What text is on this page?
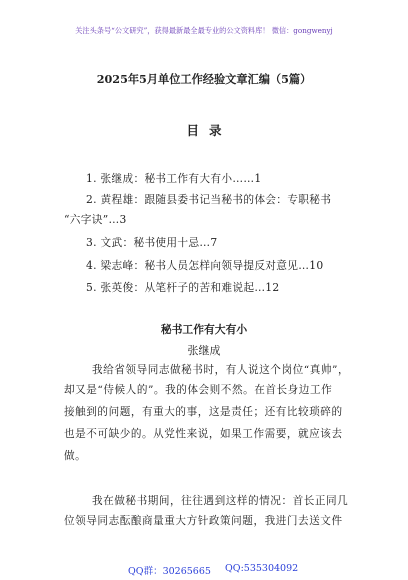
关注头条号“公文研究”，获得最新最全最专业的公文资料库！ 微信：gongwenyj
2025年5月单位工作经验文章汇编（5篇）
目录
1. 张继成：秘书工作有大有小……1
2. 黄程雄：跟随县委书记当秘书的体会：专职秘书
“六字诀”…3
3. 文武：秘书使用十忌…7
4. 梁志峰：秘书人员怎样向领导提反对意见…10
5. 张英俊：从笔杆子的苦和难说起…12
秘书工作有大有小
张继成
我给省领导同志做秘书时，有人说这个岗位“真帅”，
却又是“侍候人的”。我的体会则不然。在首长身边工作
接触到的问题，有重大的事，这是责任；还有比较琐碎的
也是不可缺少的。从党性来说，如果工作需要，就应该去
做。
我在做秘书期间，往往遇到这样的情况：首长正同几
位领导同志酝酿商量重大方针政策问题，我进门去送文件
QQ群：30265665 QQ:535304092
